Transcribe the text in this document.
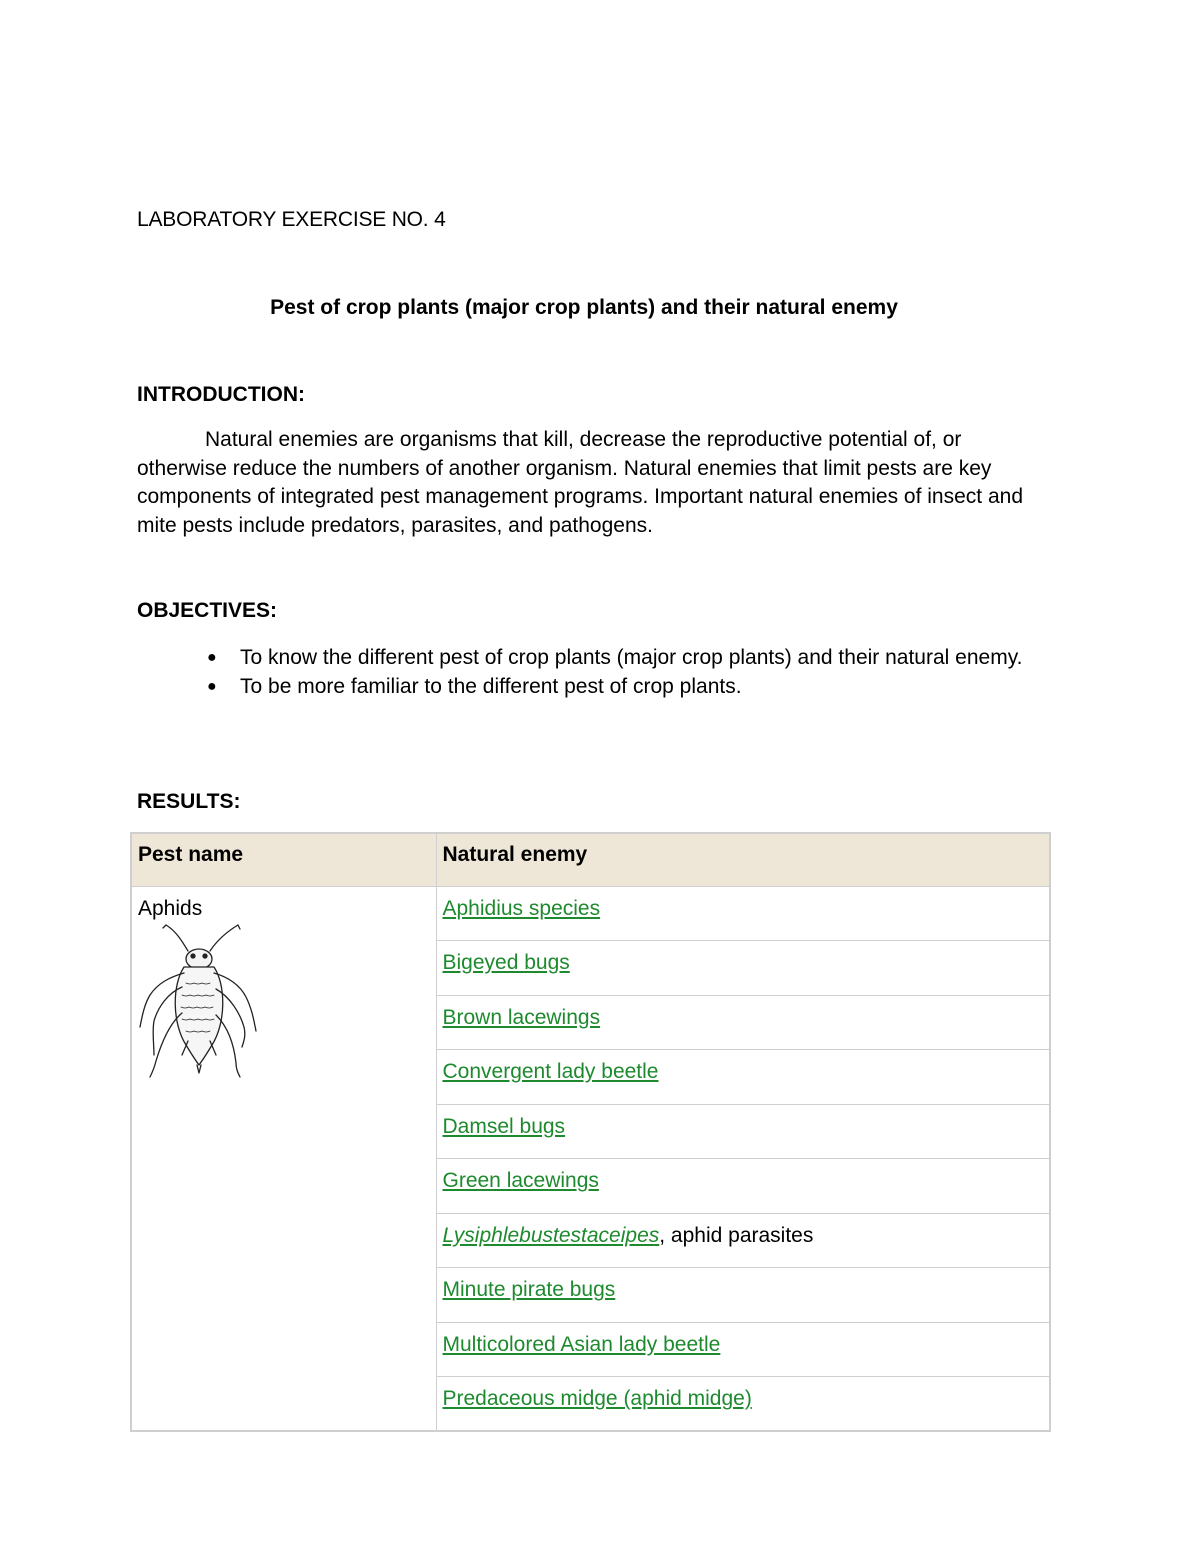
LABORATORY EXERCISE NO. 4
Pest of crop plants (major crop plants) and their natural enemy
INTRODUCTION:

Natural enemies are organisms that kill, decrease the reproductive potential of, or otherwise reduce the numbers of another organism. Natural enemies that limit pests are key components of integrated pest management programs. Important natural enemies of insect and mite pests include predators, parasites, and pathogens.

OBJECTIVES:
● To know the different pest of crop plants (major crop plants) and their natural enemy.
● To be more familiar to the different pest of crop plants.
RESULTS:
Pest name	Natural enemy

Aphids	Aphidius species
	Bigeyed bugs
	Brown lacewings
	Convergent lady beetle
	Damsel bugs
	Green lacewings
	Lysiphlebustestaceipes, aphid parasites
	Minute pirate bugs
	Multicolored Asian lady beetle
	Predaceous midge (aphid midge)
